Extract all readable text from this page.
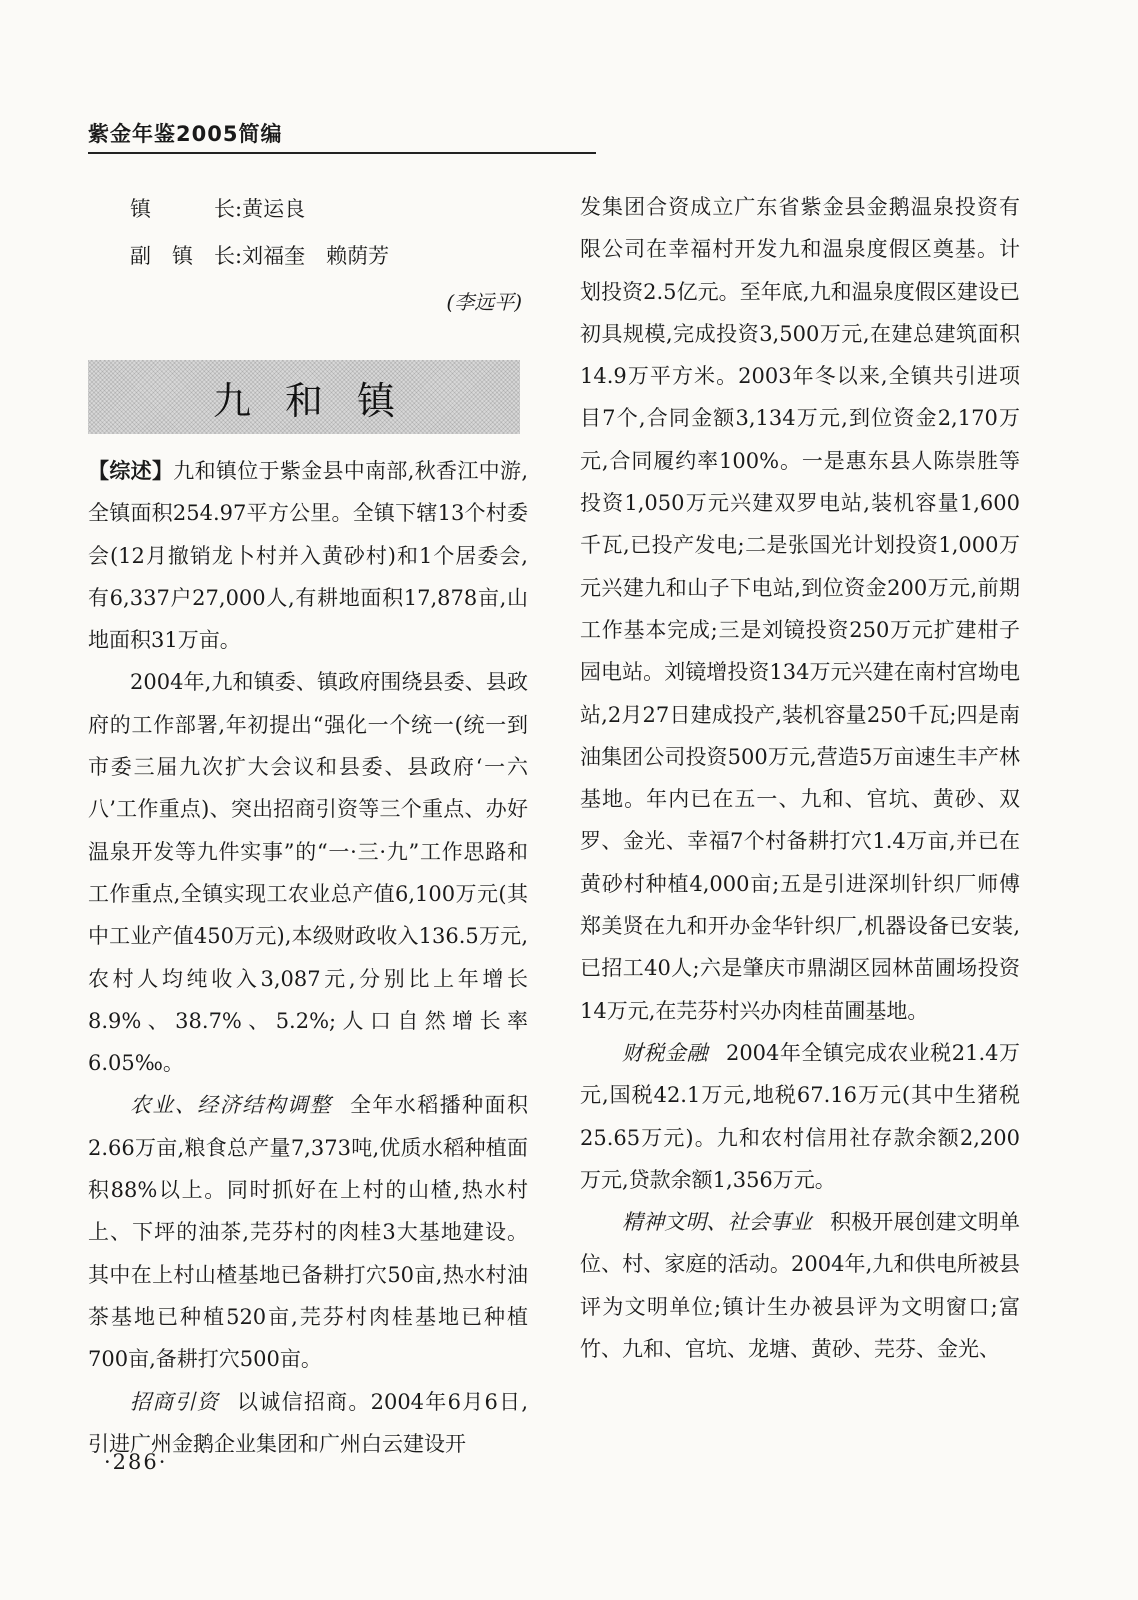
紫金年鉴2005简编
镇　　　长:黄运良
副　镇　长:刘福奎　赖荫芳
(李远平)
九和镇

【综述】九和镇位于紫金县中南部,秋香江中游,全镇面积254.97平方公里。全镇下辖13个村委会(12月撤销龙卜村并入黄砂村)和1个居委会,有6,337户27,000人,有耕地面积17,878亩,山地面积31万亩。

2004年,九和镇委、镇政府围绕县委、县政府的工作部署,年初提出“强化一个统一(统一到市委三届九次扩大会议和县委、县政府‘一六八’工作重点)、突出招商引资等三个重点、办好温泉开发等九件实事”的“一·三·九”工作思路和工作重点,全镇实现工农业总产值6,100万元(其中工业产值450万元),本级财政收入136.5万元,农村人均纯收入3,087元,分别比上年增长8.9%、38.7%、5.2%;人口自然增长率6.05‰。

农业、经济结构调整 全年水稻播种面积2.66万亩,粮食总产量7,373吨,优质水稻种植面积88%以上。同时抓好在上村的山楂,热水村上、下坪的油茶,芫芬村的肉桂3大基地建设。其中在上村山楂基地已备耕打穴50亩,热水村油茶基地已种植520亩,芫芬村肉桂基地已种植700亩,备耕打穴500亩。

招商引资 以诚信招商。2004年6月6日,引进广州金鹅企业集团和广州白云建设开

发集团合资成立广东省紫金县金鹅温泉投资有限公司在幸福村开发九和温泉度假区奠基。计划投资2.5亿元。至年底,九和温泉度假区建设已初具规模,完成投资3,500万元,在建总建筑面积14.9万平方米。2003年冬以来,全镇共引进项目7个,合同金额3,134万元,到位资金2,170万元,合同履约率100%。一是惠东县人陈崇胜等投资1,050万元兴建双罗电站,装机容量1,600千瓦,已投产发电;二是张国光计划投资1,000万元兴建九和山子下电站,到位资金200万元,前期工作基本完成;三是刘镜投资250万元扩建柑子园电站。刘镜增投资134万元兴建在南村宫坳电站,2月27日建成投产,装机容量250千瓦;四是南油集团公司投资500万元,营造5万亩速生丰产林基地。年内已在五一、九和、官坑、黄砂、双罗、金光、幸福7个村备耕打穴1.4万亩,并已在黄砂村种植4,000亩;五是引进深圳针织厂师傅郑美贤在九和开办金华针织厂,机器设备已安装,已招工40人;六是肇庆市鼎湖区园林苗圃场投资14万元,在芫芬村兴办肉桂苗圃基地。

财税金融 2004年全镇完成农业税21.4万元,国税42.1万元,地税67.16万元(其中生猪税25.65万元)。九和农村信用社存款余额2,200万元,贷款余额1,356万元。

精神文明、社会事业 积极开展创建文明单位、村、家庭的活动。2004年,九和供电所被县评为文明单位;镇计生办被县评为文明窗口;富竹、九和、官坑、龙塘、黄砂、芫芬、金光、

·286·
